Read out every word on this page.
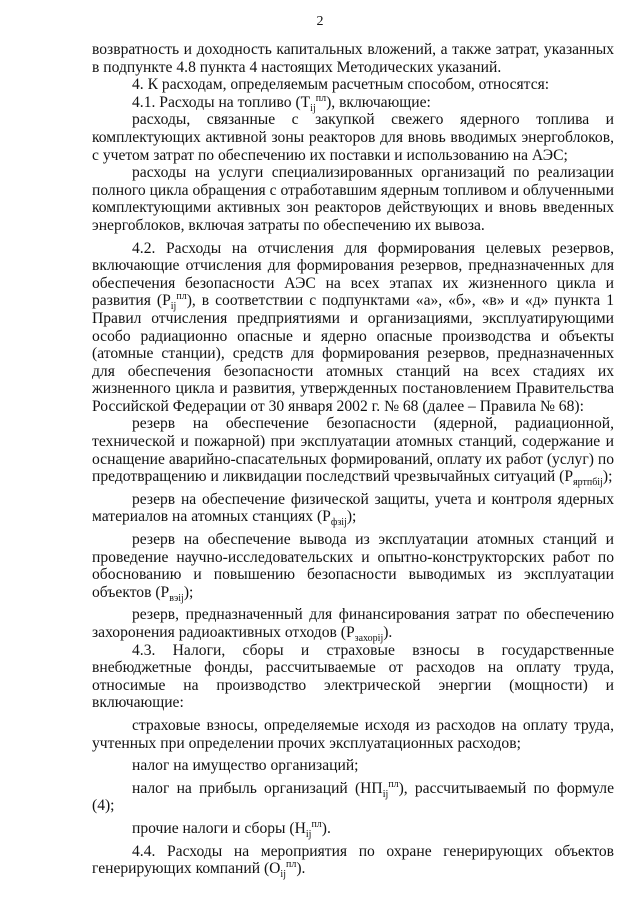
2

возвратность и доходность капитальных вложений, а также затрат, указанных в подпункте 4.8 пункта 4 настоящих Методических указаний.

4. К расходам, определяемым расчетным способом, относятся:

4.1. Расходы на топливо $(T_{ij}^{пл})$, включающие:

расходы, связанные с закупкой свежего ядерного топлива и комплектующих активной зоны реакторов для вновь вводимых энергоблоков, с учетом затрат по обеспечению их поставки и использованию на АЭС;

расходы на услуги специализированных организаций по реализации полного цикла обращения с отработавшим ядерным топливом и облученными комплектующими активных зон реакторов действующих и вновь введенных энергоблоков, включая затраты по обеспечению их вывоза.

4.2. Расходы на отчисления для формирования целевых резервов, включающие отчисления для формирования резервов, предназначенных для обеспечения безопасности АЭС на всех этапах их жизненного цикла и развития $(P_{ij}^{пл})$, в соответствии с подпунктами «а», «б», «в» и «д» пункта 1 Правил отчисления предприятиями и организациями, эксплуатирующими особо радиационно опасные и ядерно опасные производства и объекты (атомные станции), средств для формирования резервов, предназначенных для обеспечения безопасности атомных станций на всех стадиях их жизненного цикла и развития, утвержденных постановлением Правительства Российской Федерации от 30 января 2002 г. № 68 (далее – Правила № 68):

резерв на обеспечение безопасности (ядерной, радиационной, технической и пожарной) при эксплуатации атомных станций, содержание и оснащение аварийно-спасательных формирований, оплату их работ (услуг) по предотвращению и ликвидации последствий чрезвычайных ситуаций $(P_{яртпбij})$;

резерв на обеспечение физической защиты, учета и контроля ядерных материалов на атомных станциях $(P_{фзij})$;

резерв на обеспечение вывода из эксплуатации атомных станций и проведение научно-исследовательских и опытно-конструкторских работ по обоснованию и повышению безопасности выводимых из эксплуатации объектов $(P_{вэij})$;

резерв, предназначенный для финансирования затрат по обеспечению захоронения радиоактивных отходов $(P_{захорij})$.

4.3. Налоги, сборы и страховые взносы в государственные внебюджетные фонды, рассчитываемые от расходов на оплату труда, относимые на производство электрической энергии (мощности) и включающие:

страховые взносы, определяемые исходя из расходов на оплату труда, учтенных при определении прочих эксплуатационных расходов;

налог на имущество организаций;

налог на прибыль организаций $(НП_{ij}^{пл})$, рассчитываемый по формуле (4);

прочие налоги и сборы $(H_{ij}^{пл})$.

4.4. Расходы на мероприятия по охране генерирующих объектов генерирующих компаний $(O_{ij}^{пл})$.
